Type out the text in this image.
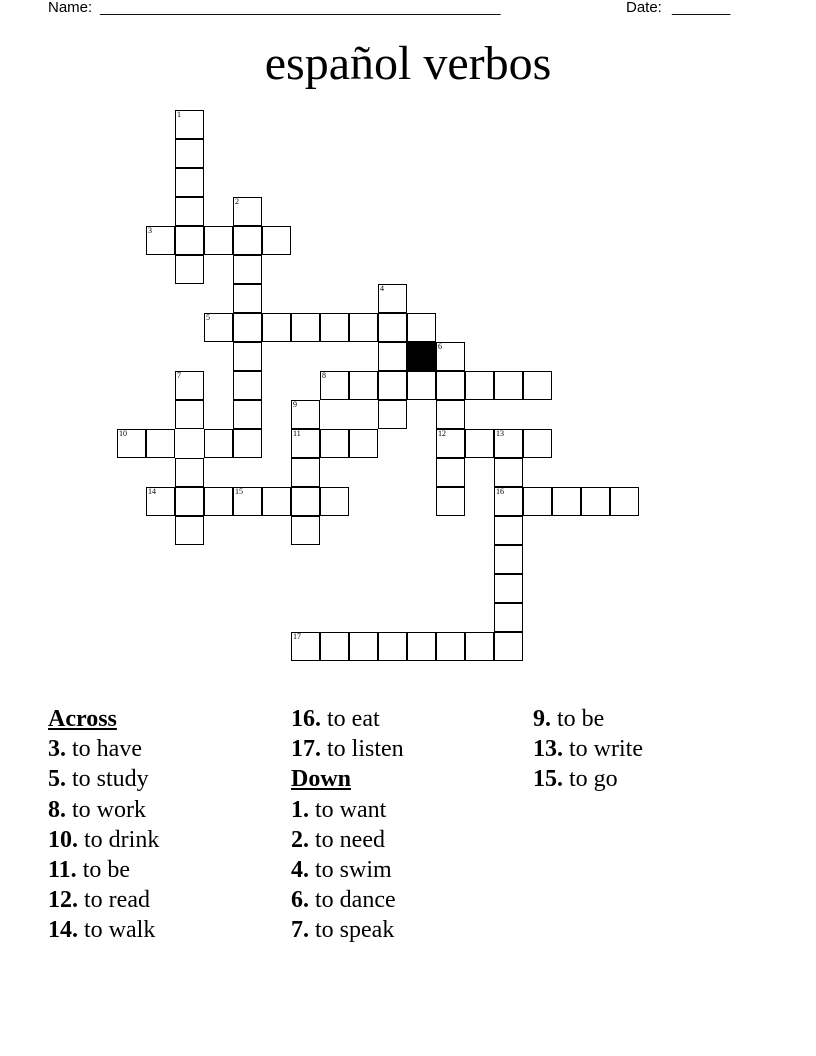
Name: ________________________________________________	Date: _______
español verbos
1
2
3
5
4
6
7	8
9
10	11	12	13
14	15	16
17
Across
3. to have
5. to study
8. to work
10. to drink
11. to be
12. to read
14. to walk
16. to eat
17. to listen
Down
1. to want
2. to need
4. to swim
6. to dance
7. to speak
9. to be
13. to write
15. to go
